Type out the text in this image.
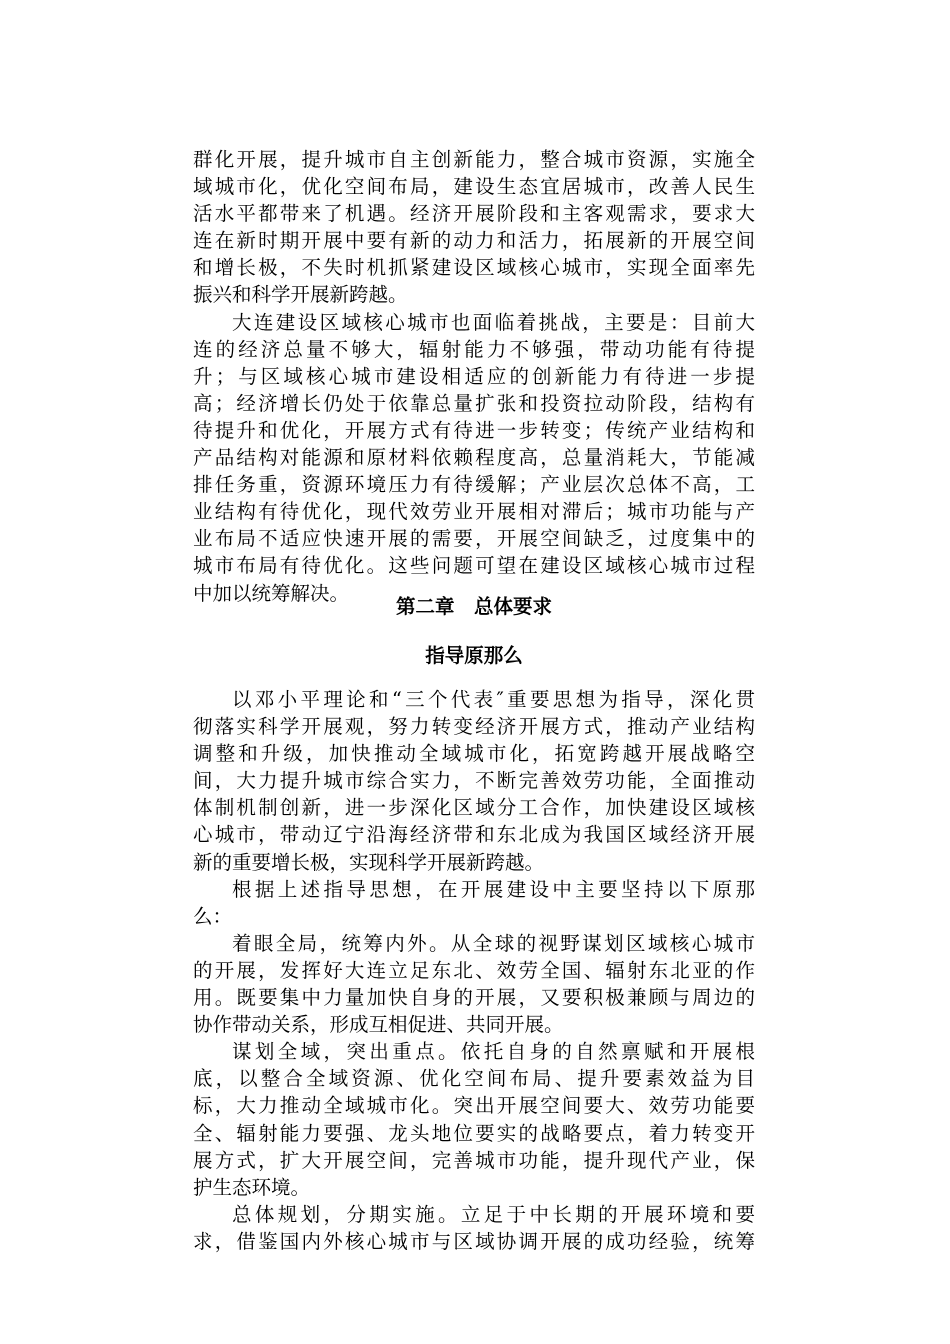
群化开展，提升城市自主创新能力，整合城市资源，实施全
域城市化，优化空间布局，建设生态宜居城市，改善人民生
活水平都带来了机遇。经济开展阶段和主客观需求，要求大
连在新时期开展中要有新的动力和活力，拓展新的开展空间
和增长极，不失时机抓紧建设区域核心城市，实现全面率先
振兴和科学开展新跨越。
大连建设区域核心城市也面临着挑战，主要是：目前大
连的经济总量不够大，辐射能力不够强，带动功能有待提
升；与区域核心城市建设相适应的创新能力有待进一步提
高；经济增长仍处于依靠总量扩张和投资拉动阶段，结构有
待提升和优化，开展方式有待进一步转变；传统产业结构和
产品结构对能源和原材料依赖程度高，总量消耗大，节能减
排任务重，资源环境压力有待缓解；产业层次总体不高，工
业结构有待优化，现代效劳业开展相对滞后；城市功能与产
业布局不适应快速开展的需要，开展空间缺乏，过度集中的
城市布局有待优化。这些问题可望在建设区域核心城市过程
中加以统筹解决。
第二章　总体要求
指导原那么
以邓小平理论和“三个代表″重要思想为指导，深化贯
彻落实科学开展观，努力转变经济开展方式，推动产业结构
调整和升级，加快推动全域城市化，拓宽跨越开展战略空
间，大力提升城市综合实力，不断完善效劳功能，全面推动
体制机制创新，进一步深化区域分工合作，加快建设区域核
心城市，带动辽宁沿海经济带和东北成为我国区域经济开展
新的重要增长极，实现科学开展新跨越。
根据上述指导思想，在开展建设中主要坚持以下原那
么：
着眼全局，统筹内外。从全球的视野谋划区域核心城市
的开展，发挥好大连立足东北、效劳全国、辐射东北亚的作
用。既要集中力量加快自身的开展，又要积极兼顾与周边的
协作带动关系，形成互相促进、共同开展。
谋划全域，突出重点。依托自身的自然禀赋和开展根
底，以整合全域资源、优化空间布局、提升要素效益为目
标，大力推动全域城市化。突出开展空间要大、效劳功能要
全、辐射能力要强、龙头地位要实的战略要点，着力转变开
展方式，扩大开展空间，完善城市功能，提升现代产业，保
护生态环境。
总体规划，分期实施。立足于中长期的开展环境和要
求，借鉴国内外核心城市与区域协调开展的成功经验，统筹
